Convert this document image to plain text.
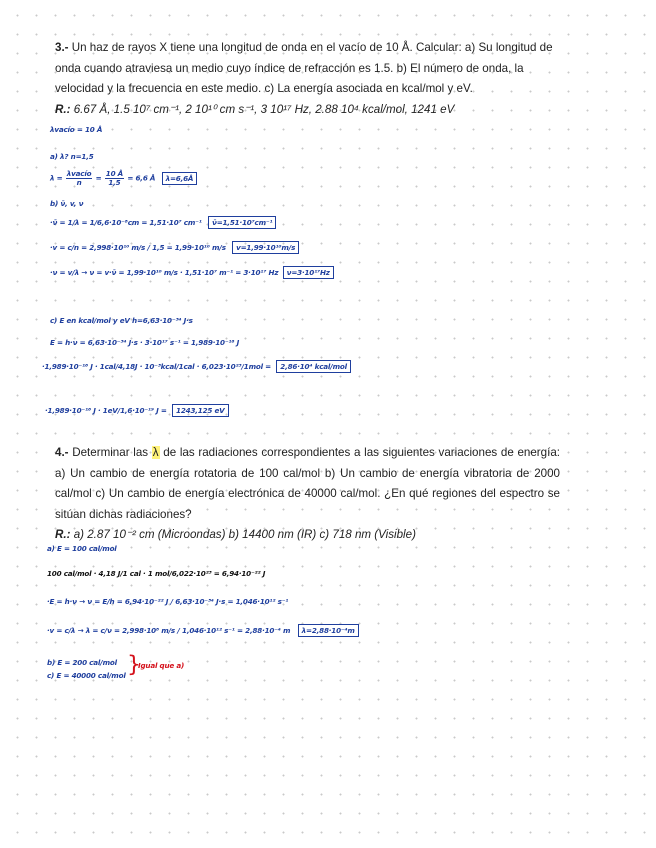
3.- Un haz de rayos X tiene una longitud de onda en el vacío de 10 Å. Calcular: a) Su longitud de onda cuando atraviesa un medio cuyo índice de refracción es 1.5. b) El número de onda, la velocidad y la frecuencia en este medio. c) La energía asociada en kcal/mol y eV.

R.: 6.67 Å, 1.5 10⁷ cm⁻¹, 2 10¹⁰ cm s⁻¹, 3 10¹⁷ Hz, 2.88 10⁴ kcal/mol, 1241 eV

λvacío = 10 Å
a) λ? n=1,5
$\lambda = \frac{\text{λvacío}}{n} = \frac{10 Å}{1,5} = 6,6$ Å λ=6,6Å
b) ν̄, v, ν
·ν̄ = 1/λ = 1/6,6·10⁻⁸cm = 1,51·10⁷ cm⁻¹ ν̄=1,51·10⁷cm⁻¹
·v = c/n = 2,998·10¹⁰ m/s / 1,5 = 1,99·10¹⁰ m/s v=1,99·10¹⁰m/s
·ν = v/λ → ν = v·ν̄ = 1,99·10¹⁰ m/s · 1,51·10⁷ m⁻¹ = 3·10¹⁷ Hz ν=3·10¹⁷Hz
c) E en kcal/mol y eV h=6,63·10⁻³⁴ J·s
E = h·ν = 6,63·10⁻³⁴ J·s · 3·10¹⁷ s⁻¹ = 1,989·10⁻¹⁶ J
·1,989·10⁻¹⁶ J · 1cal/4,18J · 10⁻³kcal/1cal · 6,023·10²³/1mol = 2,86·10⁴ kcal/mol
·1,989·10⁻¹⁶ J · 1eV/1,6·10⁻¹⁹ J = 1243,125 eV
4.- Determinar las λ de las radiaciones correspondientes a las siguientes variaciones de energía: a) Un cambio de energía rotatoria de 100 cal/mol b) Un cambio de energía vibratoria de 2000 cal/mol c) Un cambio de energía electrónica de 40000 cal/mol. ¿En qué regiones del espectro se sitúan dichas radiaciones?

R.: a) 2.87 10⁻² cm (Microondas) b) 14400 nm (IR) c) 718 nm (Visible)

a) E = 100 cal/mol
100 cal/mol · 4,18 J/1 cal · 1 mol/6,022·10²³ = 6,94·10⁻²² J
·E = h·ν → ν = E/h = 6,94·10⁻²² J / 6,63·10⁻³⁴ J·s = 1,046·10¹² s⁻¹
·v = c/λ → λ = c/ν = 2,998·10⁸ m/s / 1,046·10¹² s⁻¹ = 2,88·10⁻⁴ m λ=2,88·10⁻⁴m
b) E = 200 cal/mol
c) E = 40000 cal/mol }
Igual que a)
